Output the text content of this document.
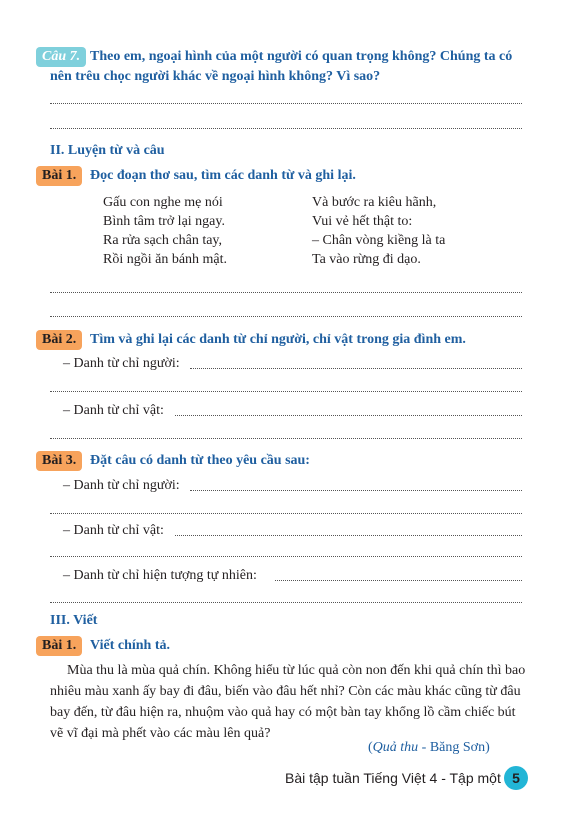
Câu 7. Theo em, ngoại hình của một người có quan trọng không? Chúng ta có
nên trêu chọc người khác về ngoại hình không? Vì sao?
II. Luyện từ và câu
Bài 1. Đọc đoạn thơ sau, tìm các danh từ và ghi lại.
Gấu con nghe mẹ nói
Bình tâm trở lại ngay.
Ra rửa sạch chân tay,
Rồi ngồi ăn bánh mật.
Và bước ra kiêu hãnh,
Vui vẻ hết thật to:
– Chân vòng kiềng là ta
Ta vào rừng đi dạo.
Bài 2. Tìm và ghi lại các danh từ chỉ người, chỉ vật trong gia đình em.
– Danh từ chỉ người:
– Danh từ chỉ vật:
Bài 3. Đặt câu có danh từ theo yêu cầu sau:
– Danh từ chỉ người:
– Danh từ chỉ vật:
– Danh từ chỉ hiện tượng tự nhiên:
III. Viết
Bài 1. Viết chính tả.
Mùa thu là mùa quả chín. Không hiểu từ lúc quả còn non đến khi quả chín thì bao
nhiêu màu xanh ấy bay đi đâu, biến vào đâu hết nhỉ? Còn các màu khác cũng từ đâu
bay đến, từ đâu hiện ra, nhuộm vào quả hay có một bàn tay khổng lồ cầm chiếc bút
vẽ vĩ đại mà phết vào các màu lên quả?
(Quả thu - Băng Sơn)
Bài tập tuần Tiếng Việt 4 - Tập một 5
